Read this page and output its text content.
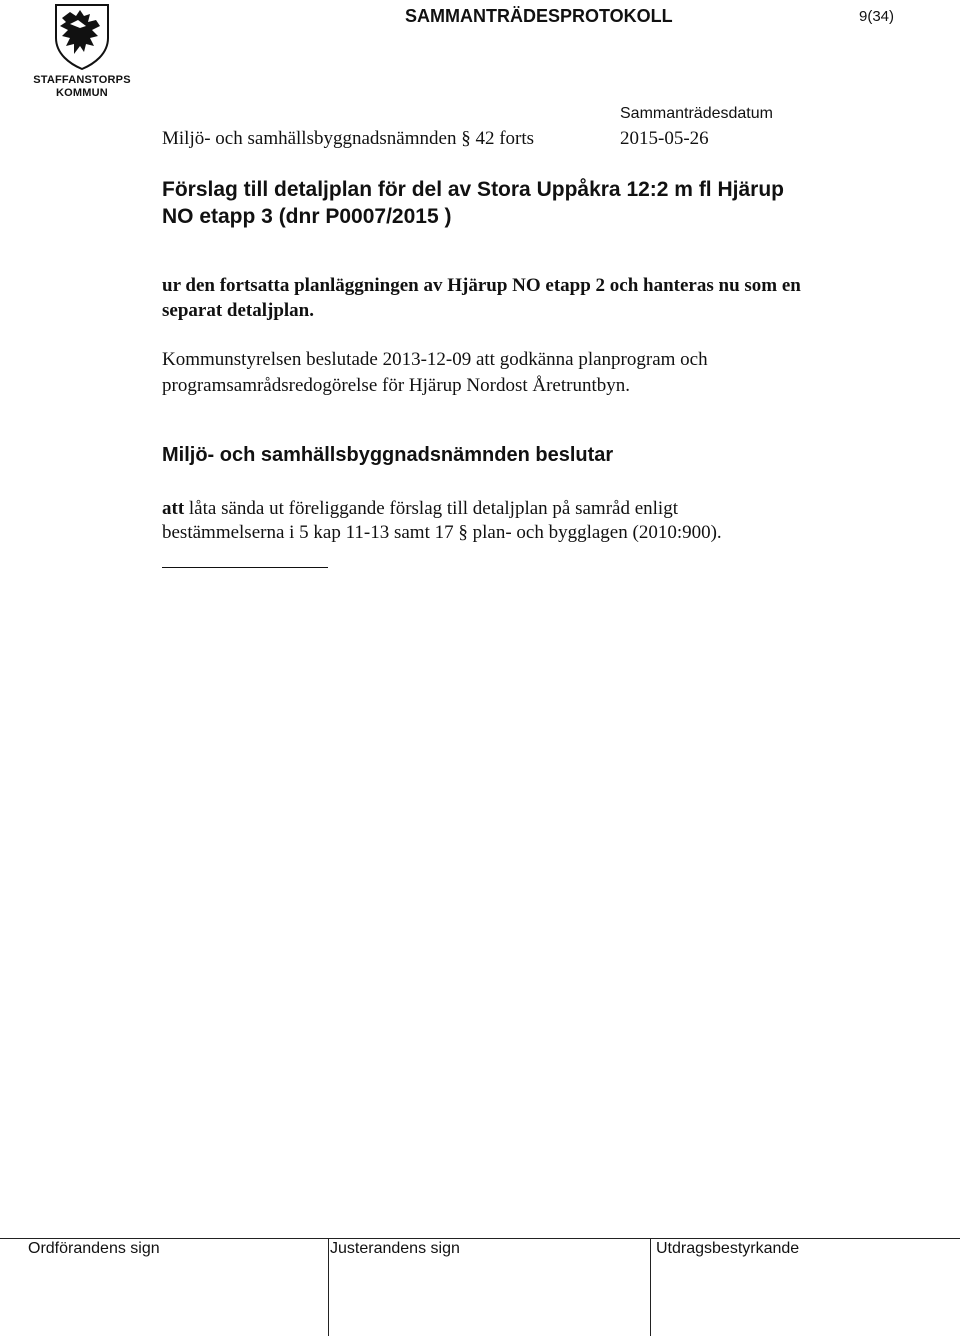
STAFFANSTORPS
KOMMUN
SAMMANTRÄDESPROTOKOLL	9(34)
Miljö- och samhällsbyggnadsnämnden § 42 forts
Sammanträdesdatum
2015-05-26
Förslag till detaljplan för del av Stora Uppåkra 12:2 m fl Hjärup
NO etapp 3 (dnr P0007/2015 )
ur den fortsatta planläggningen av Hjärup NO etapp 2 och hanteras nu som en
separat detaljplan.
Kommunstyrelsen beslutade 2013-12-09 att godkänna planprogram och
programsamrådsredogörelse för Hjärup Nordost Åretruntbyn.
Miljö- och samhällsbyggnadsnämnden beslutar
att låta sända ut föreliggande förslag till detaljplan på samråd enligt
bestämmelserna i 5 kap 11-13 samt 17 § plan- och bygglagen (2010:900).
Ordförandens sign	Justerandens sign	Utdragsbestyrkande
